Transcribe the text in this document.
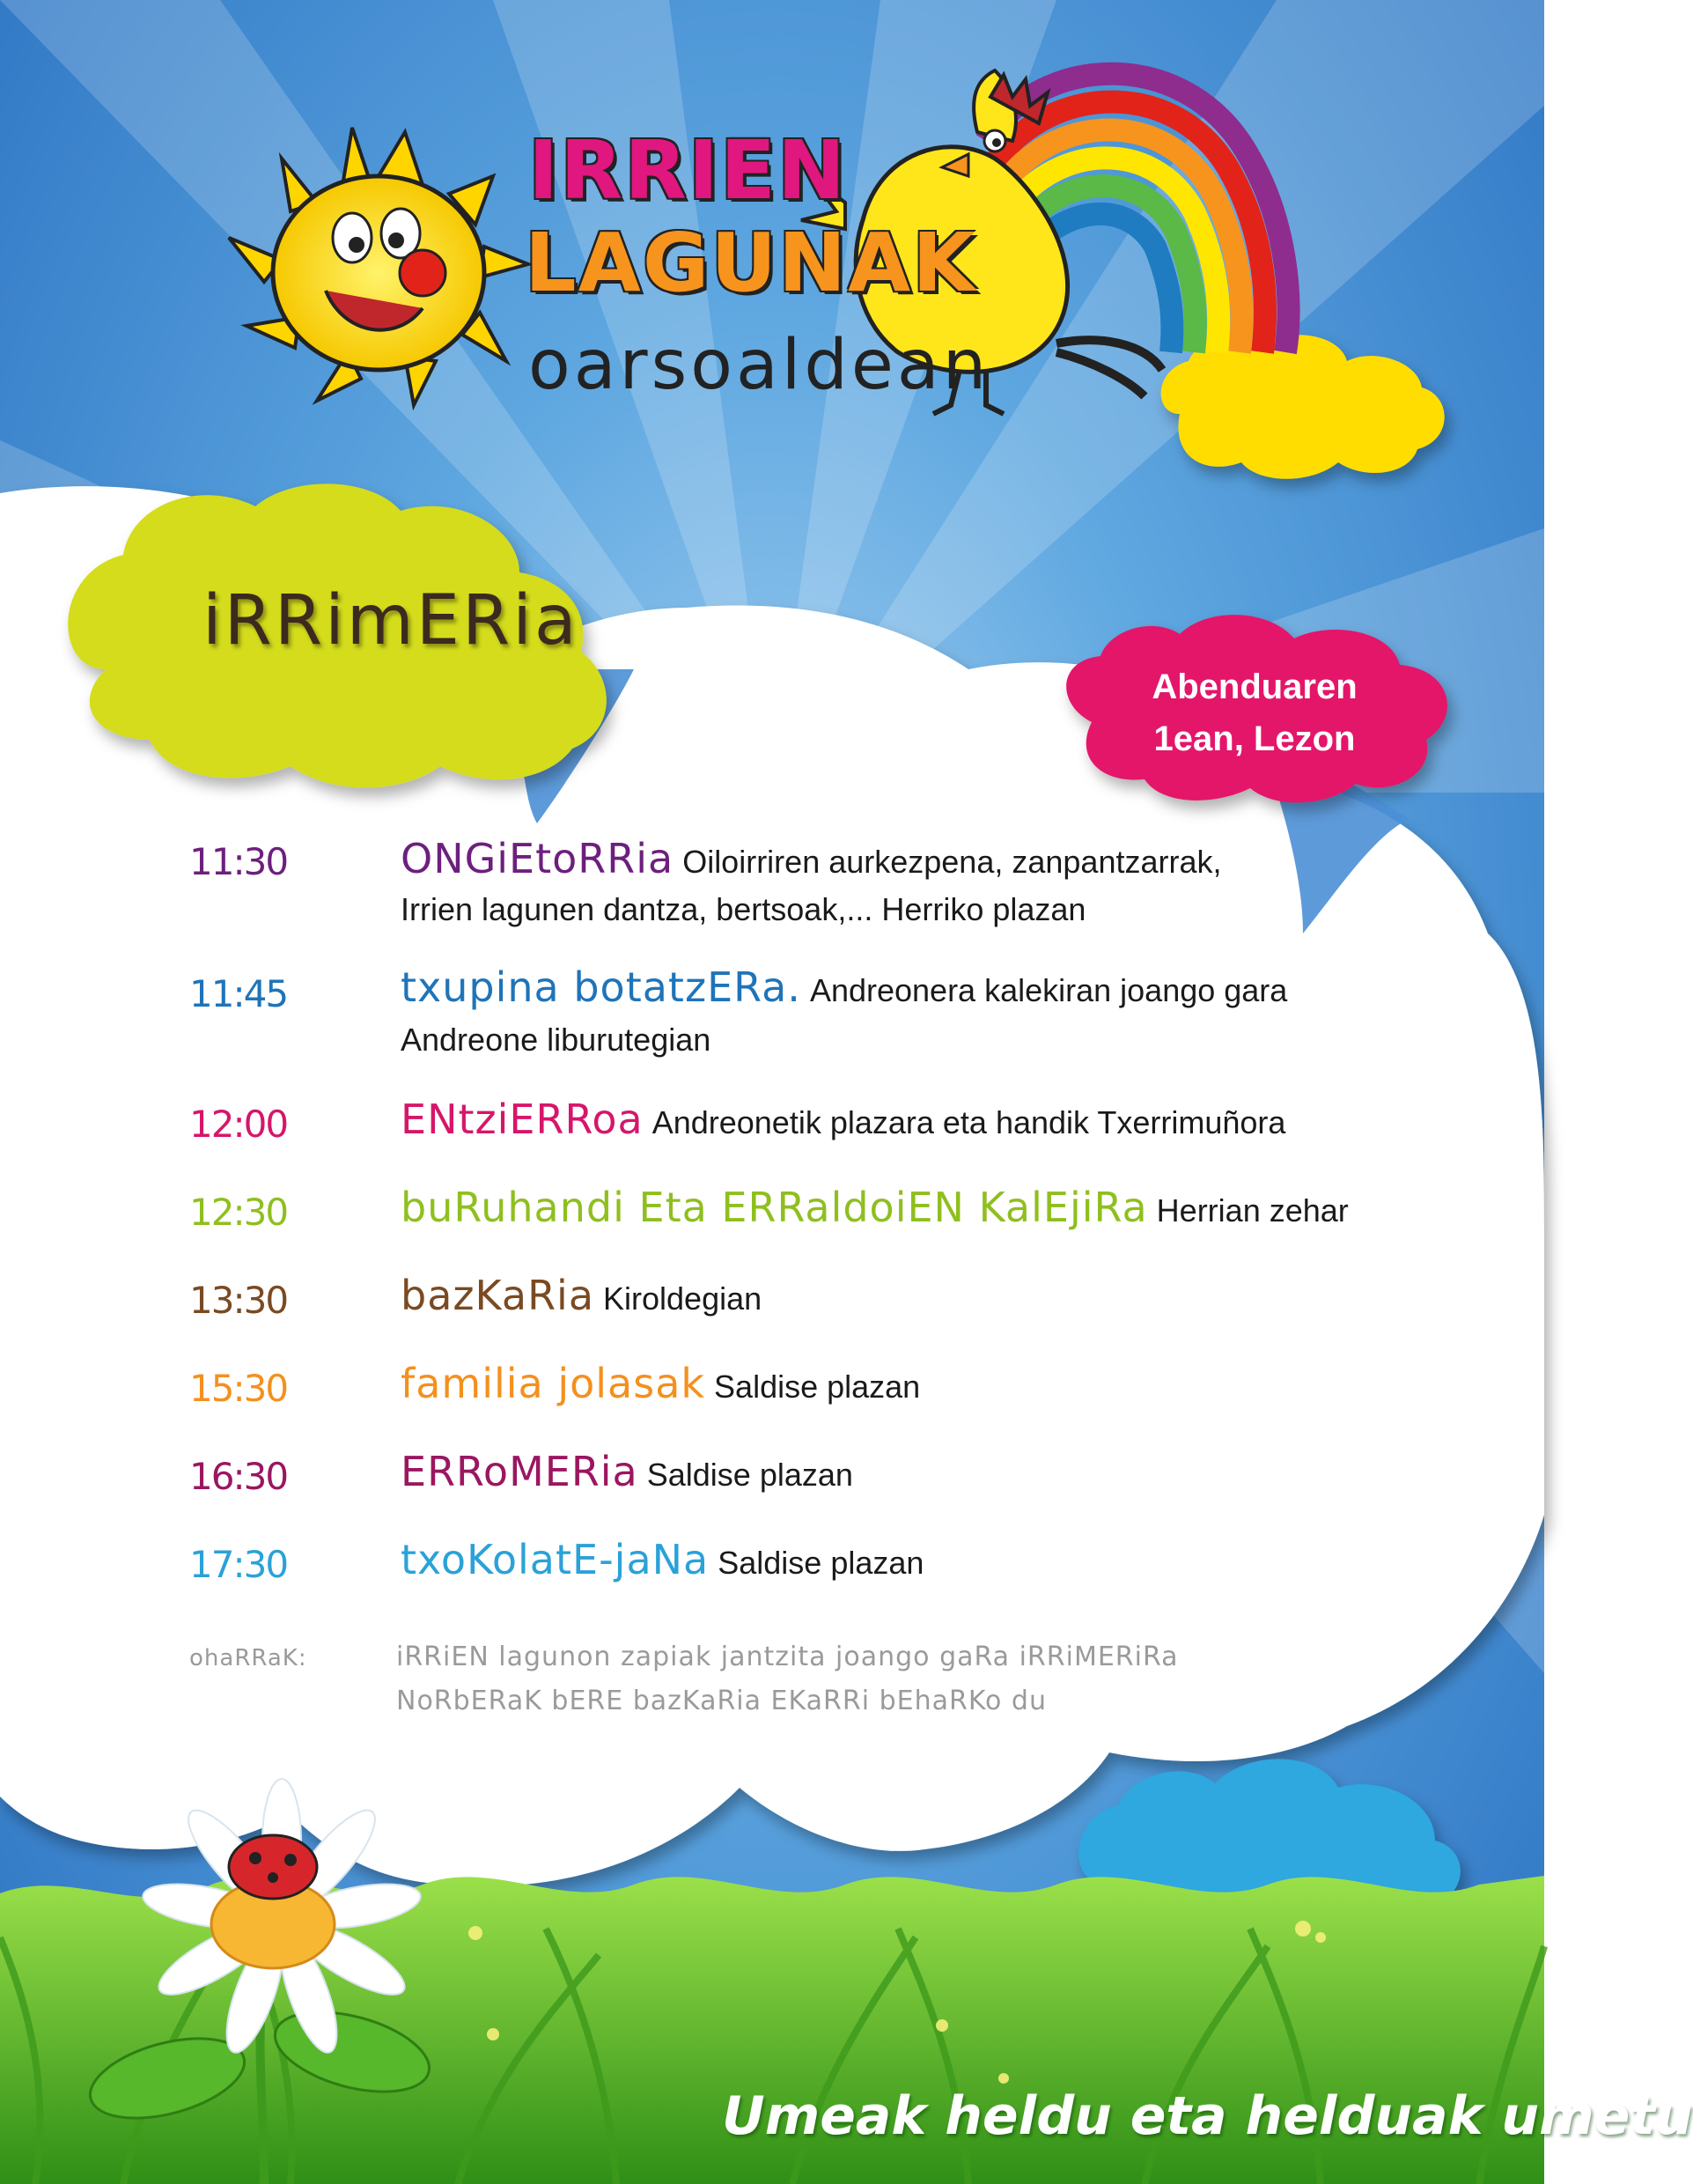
IRRIEN
LAGUNAK
oarsoaldean
iRRimERia
Abenduaren
1ean, Lezon
11:30	ONGiEtoRRia Oiloirriren aurkezpena, zanpantzarrak,
Irrien lagunen dantza, bertsoak,... Herriko plazan
11:45	txupina botatzERa. Andreonera kalekiran joango gara
Andreone liburutegian
12:00	ENtziERRoa Andreonetik plazara eta handik Txerrimuñora
12:30	buRuhandi Eta ERRaldoiEN KalEjiRa Herrian zehar
13:30	bazKaRia Kiroldegian
15:30	familia jolasak Saldise plazan
16:30	ERRoMERia Saldise plazan
17:30	txoKolatE-jaNa Saldise plazan
ohaRRaK:	iRRiEN lagunon zapiak jantzita joango gaRa iRRiMERiRa
NoRbERaK bERE bazKaRia EKaRRi bEhaRKo du
Umeak heldu eta helduak umetu
